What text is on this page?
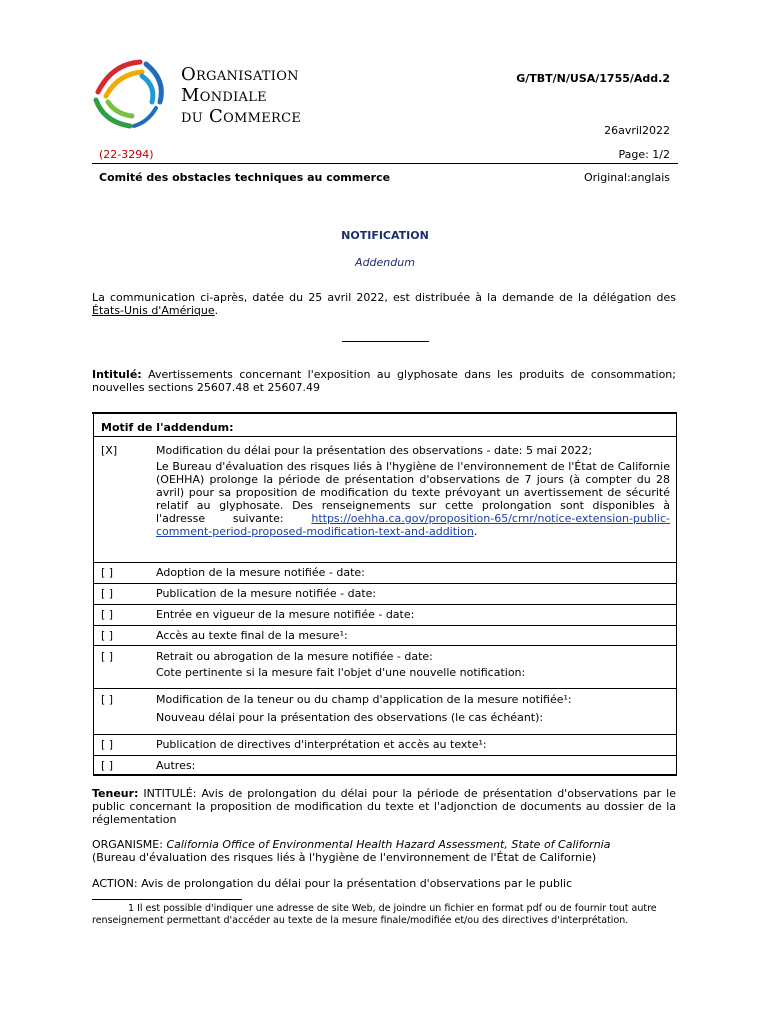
Organisation
Mondiale
du Commerce
G/TBT/N/USA/1755/Add.2
26avril2022
(22-3294)	Page: 1/2
Comité des obstacles techniques au commerce	Original:anglais
NOTIFICATION
Addendum
La communication ci-après, datée du 25 avril 2022, est distribuée à la demande de la délégation des États-Unis d'Amérique.
Intitulé: Avertissements concernant l'exposition au glyphosate dans les produits de consommation; nouvelles sections 25607.48 et 25607.49
Motif de l'addendum:
[X]	Modification du délai pour la présentation des observations - date: 5 mai 2022;
Le Bureau d'évaluation des risques liés à l'hygiène de l'environnement de l'État de Californie (OEHHA) prolonge la période de présentation d'observations de 7 jours (à compter du 28 avril) pour sa proposition de modification du texte prévoyant un avertissement de sécurité relatif au glyphosate. Des renseignements sur cette prolongation sont disponibles à l'adresse suivante: https://oehha.ca.gov/proposition-65/crnr/notice-extension-public-comment-period-proposed-modification-text-and-addition.
[ ]	Adoption de la mesure notifiée - date:
[ ]	Publication de la mesure notifiée - date:
[ ]	Entrée en vigueur de la mesure notifiée - date:
[ ]	Accès au texte final de la mesure¹:
[ ]	Retrait ou abrogation de la mesure notifiée - date:
Cote pertinente si la mesure fait l'objet d'une nouvelle notification:
[ ]	Modification de la teneur ou du champ d'application de la mesure notifiée¹:
Nouveau délai pour la présentation des observations (le cas échéant):
[ ]	Publication de directives d'interprétation et accès au texte¹:
[ ]	Autres:
Teneur: INTITULÉ: Avis de prolongation du délai pour la période de présentation d'observations par le public concernant la proposition de modification du texte et l'adjonction de documents au dossier de la réglementation
ORGANISME: California Office of Environmental Health Hazard Assessment, State of California
(Bureau d'évaluation des risques liés à l'hygiène de l'environnement de l'État de Californie)
ACTION: Avis de prolongation du délai pour la présentation d'observations par le public
1 Il est possible d'indiquer une adresse de site Web, de joindre un fichier en format pdf ou de fournir tout autre renseignement permettant d'accéder au texte de la mesure finale/modifiée et/ou des directives d'interprétation.
